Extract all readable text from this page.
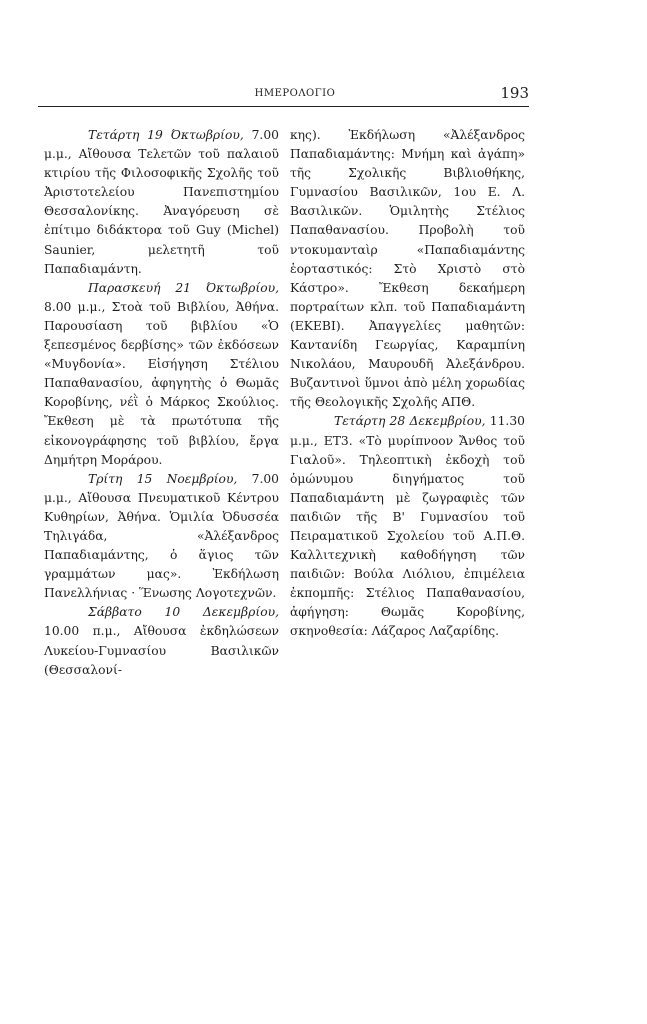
ΗΜΕΡΟΛΟΓΙΟ	193

Τετάρτη 19 Όκτωβρίου, 7.00 μ.μ., Αἴθουσα Τελετῶν τοῦ παλαιοῦ κτιρίου τῆς Φιλοσοφικῆς Σχολῆς τοῦ Ἀριστοτελείου Πανεπιστημίου Θεσσαλονίκης. Ἀναγόρευση σὲ ἐπίτιμο διδάκτορα τοῦ Guy (Michel) Saunier, μελετητῆ τοῦ Παπαδιαμάντη.

Παρασκευή 21 Όκτωβρίου, 8.00 μ.μ., Στοὰ τοῦ Βιβλίου, Ἀθήνα. Παρουσίαση τοῦ βιβλίου «Ὁ ξεπεσμένος δερβίσης» τῶν ἐκδόσεων «Μυγδονία». Εἰσήγηση Στέλιου Παπαθανασίου, ἀφηγητὴς ὁ Θωμᾶς Κοροβίνης, νέῒ ὁ Μάρκος Σκούλιος. Ἔκθεση μὲ τὰ πρωτότυπα τῆς εἰκονογράφησης τοῦ βιβλίου, ἔργα Δημήτρη Μοράρου.

Τρίτη 15 Νοεμβρίου, 7.00 μ.μ., Αἴθουσα Πνευματικοῦ Κέντρου Κυθηρίων, Ἀθήνα. Ὁμιλία Ὀδυσσέα Τηλιγάδα, «Ἀλέξανδρος Παπαδιαμάντης, ὁ ἅγιος τῶν γραμμάτων μας». Ἐκδήλωση Πανελλήνιας · Ἕνωσης Λογοτεχνῶν.

Σάββατο 10 Δεκεμβρίου, 10.00 π.μ., Αἴθουσα ἐκδηλώσεων Λυκείου-Γυμνασίου Βασιλικῶν (Θεσσαλονί-

κης). Ἐκδήλωση «Ἀλέξανδρος Παπαδιαμάντης: Μνήμη καὶ ἀγάπη» τῆς Σχολικῆς Βιβλιοθήκης, Γυμνασίου Βασιλικῶν, 1ου Ε. Λ. Βασιλικῶν. Ὁμιλητὴς Στέλιος Παπαθανασίου. Προβολὴ τοῦ ντοκυμανταὶρ «Παπαδιαμάντης ἑορταστικός: Στὸ Χριστὸ στὸ Κάστρο». Ἔκθεση δεκαήμερη πορτραίτων κλπ. τοῦ Παπαδιαμάντη (ΕΚΕΒΙ). Ἀπαγγελίες μαθητῶν: Καντανίδη Γεωργίας, Καραμπίνη Νικολάου, Μαυρουδῆ Ἀλεξάνδρου. Βυζαντινοὶ ὕμνοι ἀπὸ μέλη χορωδίας τῆς Θεολογικῆς Σχολῆς ΑΠΘ.

Τετάρτη 28 Δεκεμβρίου, 11.30 μ.μ., ΕΤ3. «Τὸ μυρίπνοον Ἄνθος τοῦ Γιαλοῦ». Τηλεοπτικὴ ἐκδοχὴ τοῦ ὁμώνυμου διηγήματος τοῦ Παπαδιαμάντη μὲ ζωγραφιὲς τῶν παιδιῶν τῆς Β' Γυμνασίου τοῦ Πειραματικοῦ Σχολείου τοῦ Α.Π.Θ. Καλλιτεχνικὴ καθοδήγηση τῶν παιδιῶν: Βούλα Λιόλιου, ἐπιμέλεια ἐκπομπῆς: Στέλιος Παπαθανασίου, ἀφήγηση: Θωμᾶς Κοροβίνης, σκηνοθεσία: Λάζαρος Λαζαρίδης.
